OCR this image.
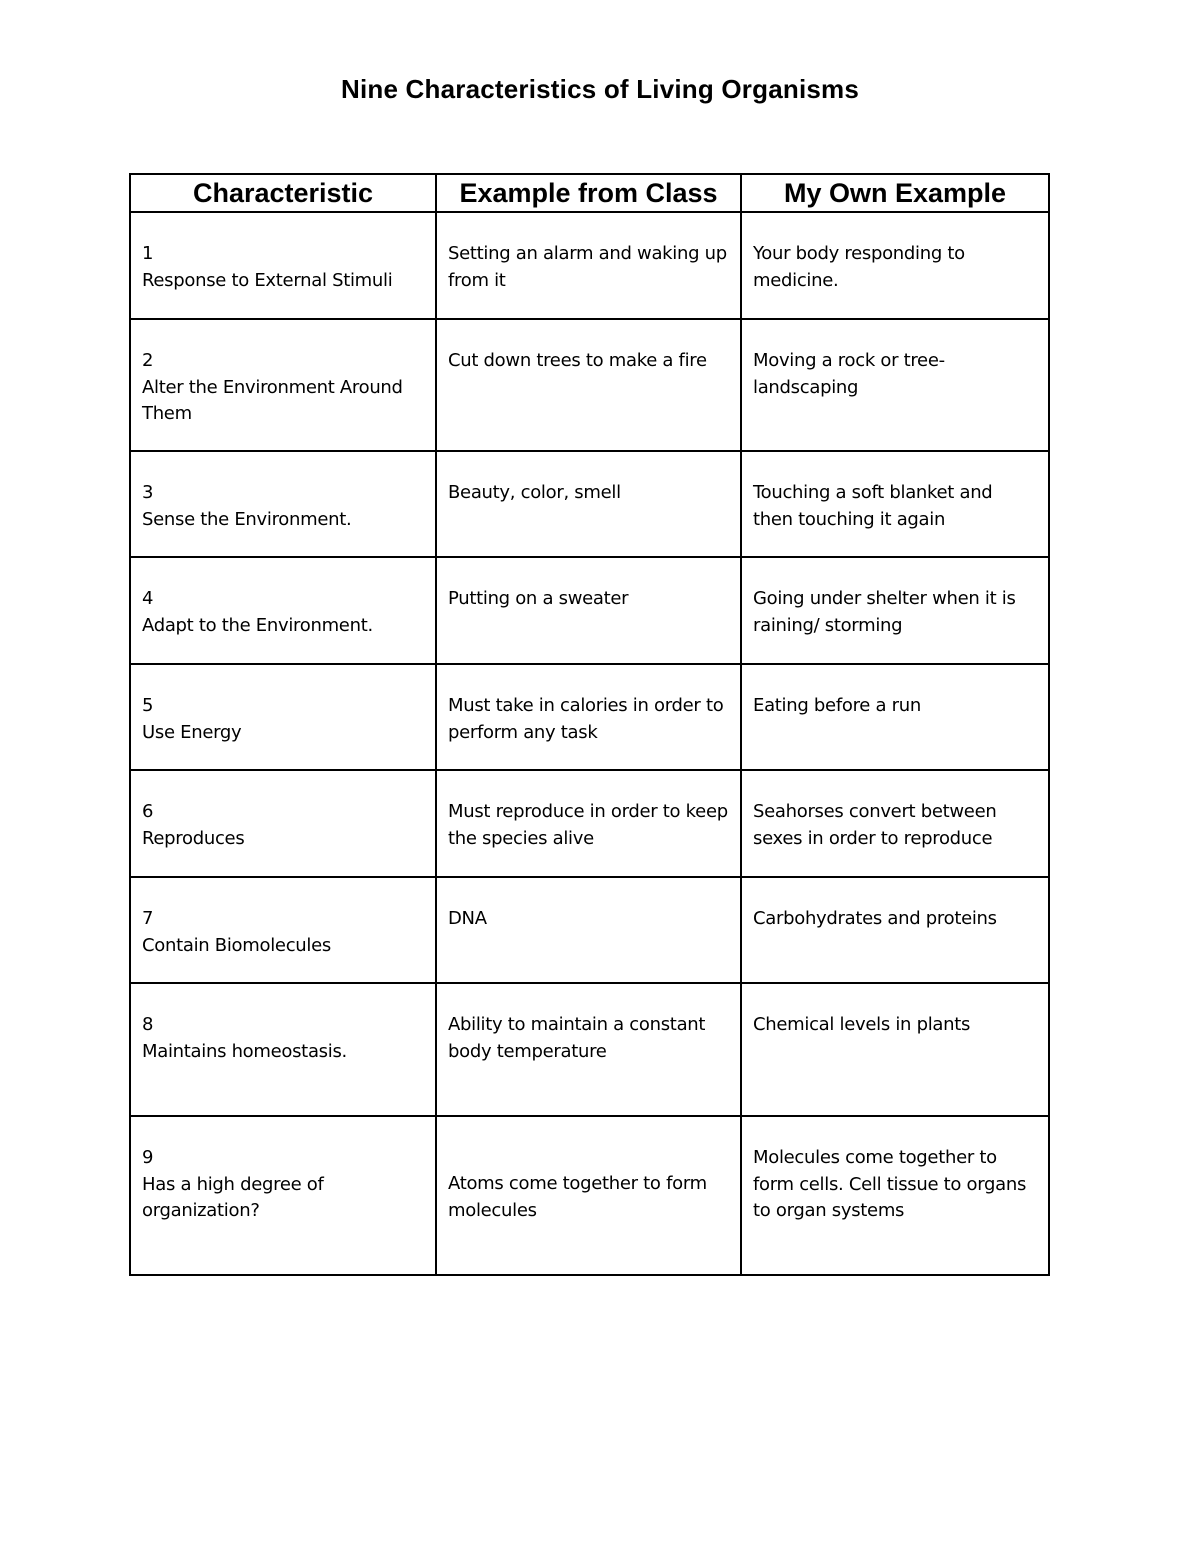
Nine Characteristics of Living Organisms
Characteristic	Example from Class	My Own Example

1
Response to External Stimuli	Setting an alarm and waking up from it	Your body responding to medicine.

2
Alter the Environment Around Them	Cut down trees to make a fire	Moving a rock or tree- landscaping

3
Sense the Environment.	Beauty, color, smell	Touching a soft blanket and then touching it again

4
Adapt to the Environment.	Putting on a sweater	Going under shelter when it is raining/ storming

5
Use Energy	Must take in calories in order to perform any task	Eating before a run

6
Reproduces	Must reproduce in order to keep the species alive	Seahorses convert between sexes in order to reproduce

7
Contain Biomolecules	DNA	Carbohydrates and proteins

8
Maintains homeostasis.	Ability to maintain a constant body temperature	Chemical levels in plants

9
Has a high degree of organization?	Atoms come together to form molecules	Molecules come together to form cells. Cell tissue to organs to organ systems
